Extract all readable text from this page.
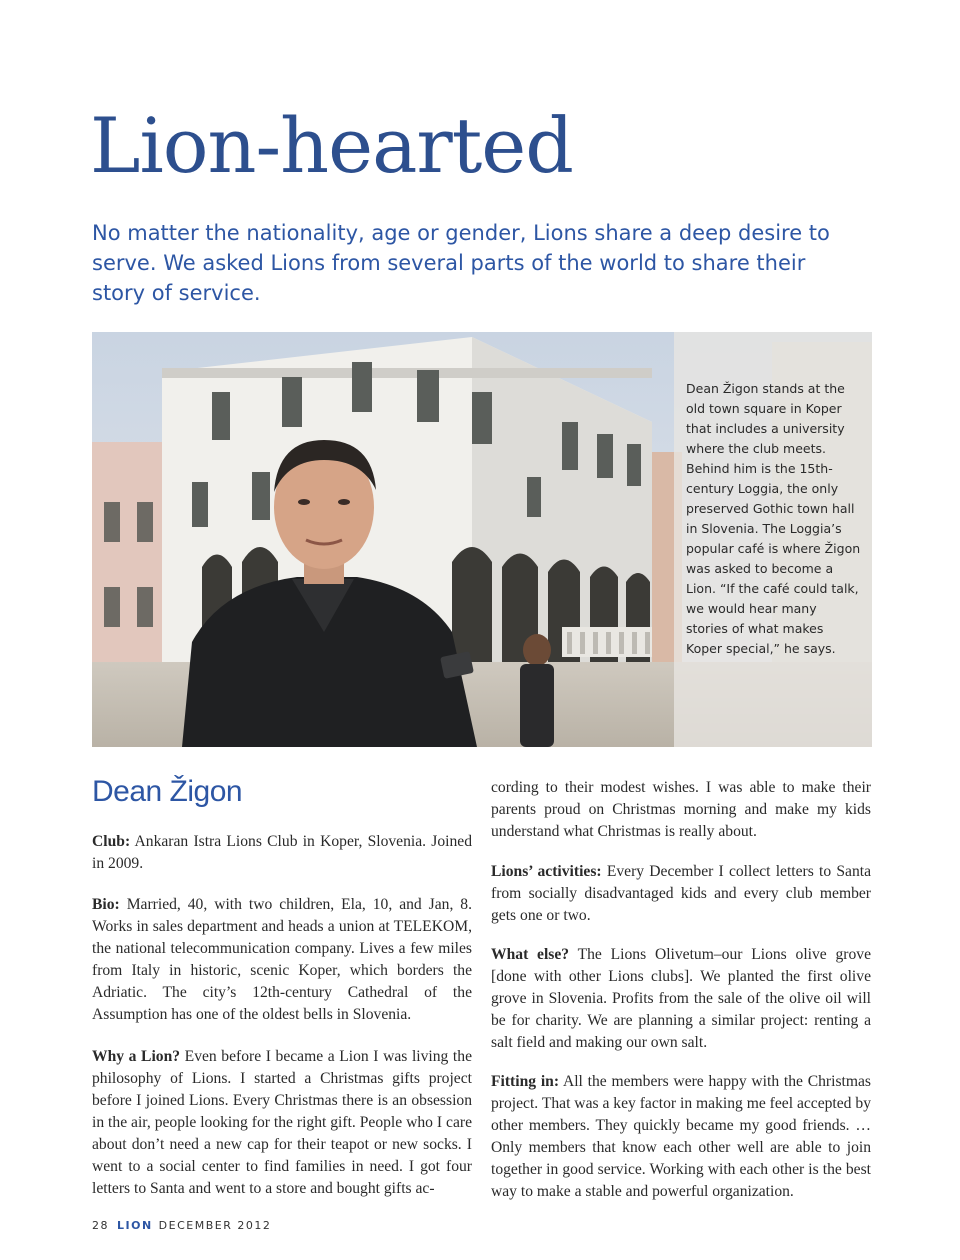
Lion-hearted

No matter the nationality, age or gender, Lions share a deep desire to serve. We asked Lions from several parts of the world to share their story of service.

Dean Žigon stands at the old town square in Koper that includes a university where the club meets. Behind him is the 15th-century Loggia, the only preserved Gothic town hall in Slovenia. The Loggia’s popular café is where Žigon was asked to become a Lion. “If the café could talk, we would hear many stories of what makes Koper special,” he says.

Dean Žigon

Club: Ankaran Istra Lions Club in Koper, Slovenia. Joined in 2009.

Bio: Married, 40, with two children, Ela, 10, and Jan, 8. Works in sales department and heads a union at TELEKOM, the national telecommunication company. Lives a few miles from Italy in historic, scenic Koper, which borders the Adriatic. The city’s 12th-century Cathedral of the Assumption has one of the oldest bells in Slovenia.

Why a Lion? Even before I became a Lion I was living the philosophy of Lions. I started a Christmas gifts project before I joined Lions. Every Christmas there is an obsession in the air, people looking for the right gift. People who I care about don’t need a new cap for their teapot or new socks. I went to a social center to find families in need. I got four letters to Santa and went to a store and bought gifts ac-

cording to their modest wishes. I was able to make their parents proud on Christmas morning and make my kids understand what Christmas is really about.

Lions’ activities: Every December I collect letters to Santa from socially disadvantaged kids and every club member gets one or two.

What else? The Lions Olivetum–our Lions olive grove [done with other Lions clubs]. We planted the first olive grove in Slovenia. Profits from the sale of the olive oil will be for charity. We are planning a similar project: renting a salt field and making our own salt.

Fitting in: All the members were happy with the Christmas project. That was a key factor in making me feel accepted by other members. They quickly became my good friends. … Only members that know each other well are able to join together in good service. Working with each other is the best way to make a stable and powerful organization.

28 LION DECEMBER 2012
